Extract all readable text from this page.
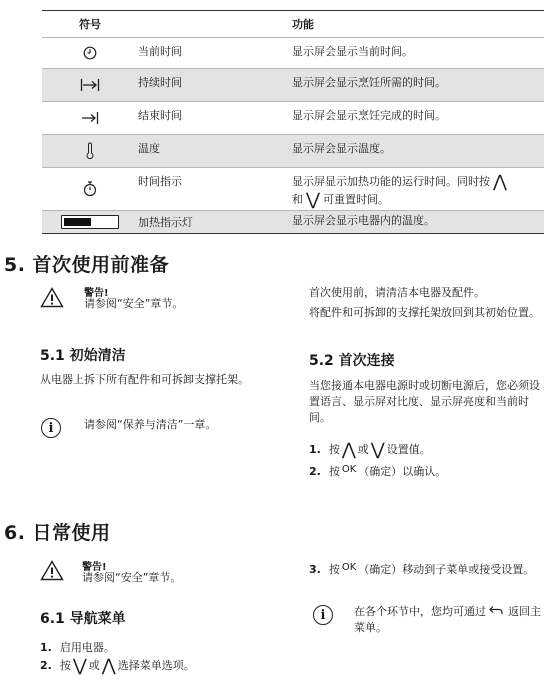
符号	功能
当前时间	显示屏会显示当前时间。
持续时间	显示屏会显示烹饪所需的时间。
结束时间	显示屏会显示烹饪完成的时间。
温度	显示屏会显示温度。
时间指示	显示屏显示加热功能的运行时间。同时按 ⋀
和 ⋁ 可重置时间。
加热指示灯	显示屏会显示电器内的温度。
5. 首次使用前准备
警告!
请参阅“安全”章节。
5.1 初始清洁
从电器上拆下所有配件和可拆卸支撑托架。
i	请参阅“保养与清洁”一章。
首次使用前，请清洁本电器及配件。
将配件和可拆卸的支撑托架放回到其初始位置。
5.2 首次连接
当您接通本电器电源时或切断电源后，您必须设置语言、显示屏对比度、显示屏亮度和当前时间。
1. 按 ⋀ 或 ⋁ 设置值。
2. 按 OK （确定）以确认。
6. 日常使用
警告!
请参阅“安全”章节。
6.1 导航菜单
1. 启用电器。
2. 按 ⋁ 或 ⋀ 选择菜单选项。
3. 按 OK （确定）移动到子菜单或接受设置。
i	在各个环节中，您均可通过 返回主菜单。
